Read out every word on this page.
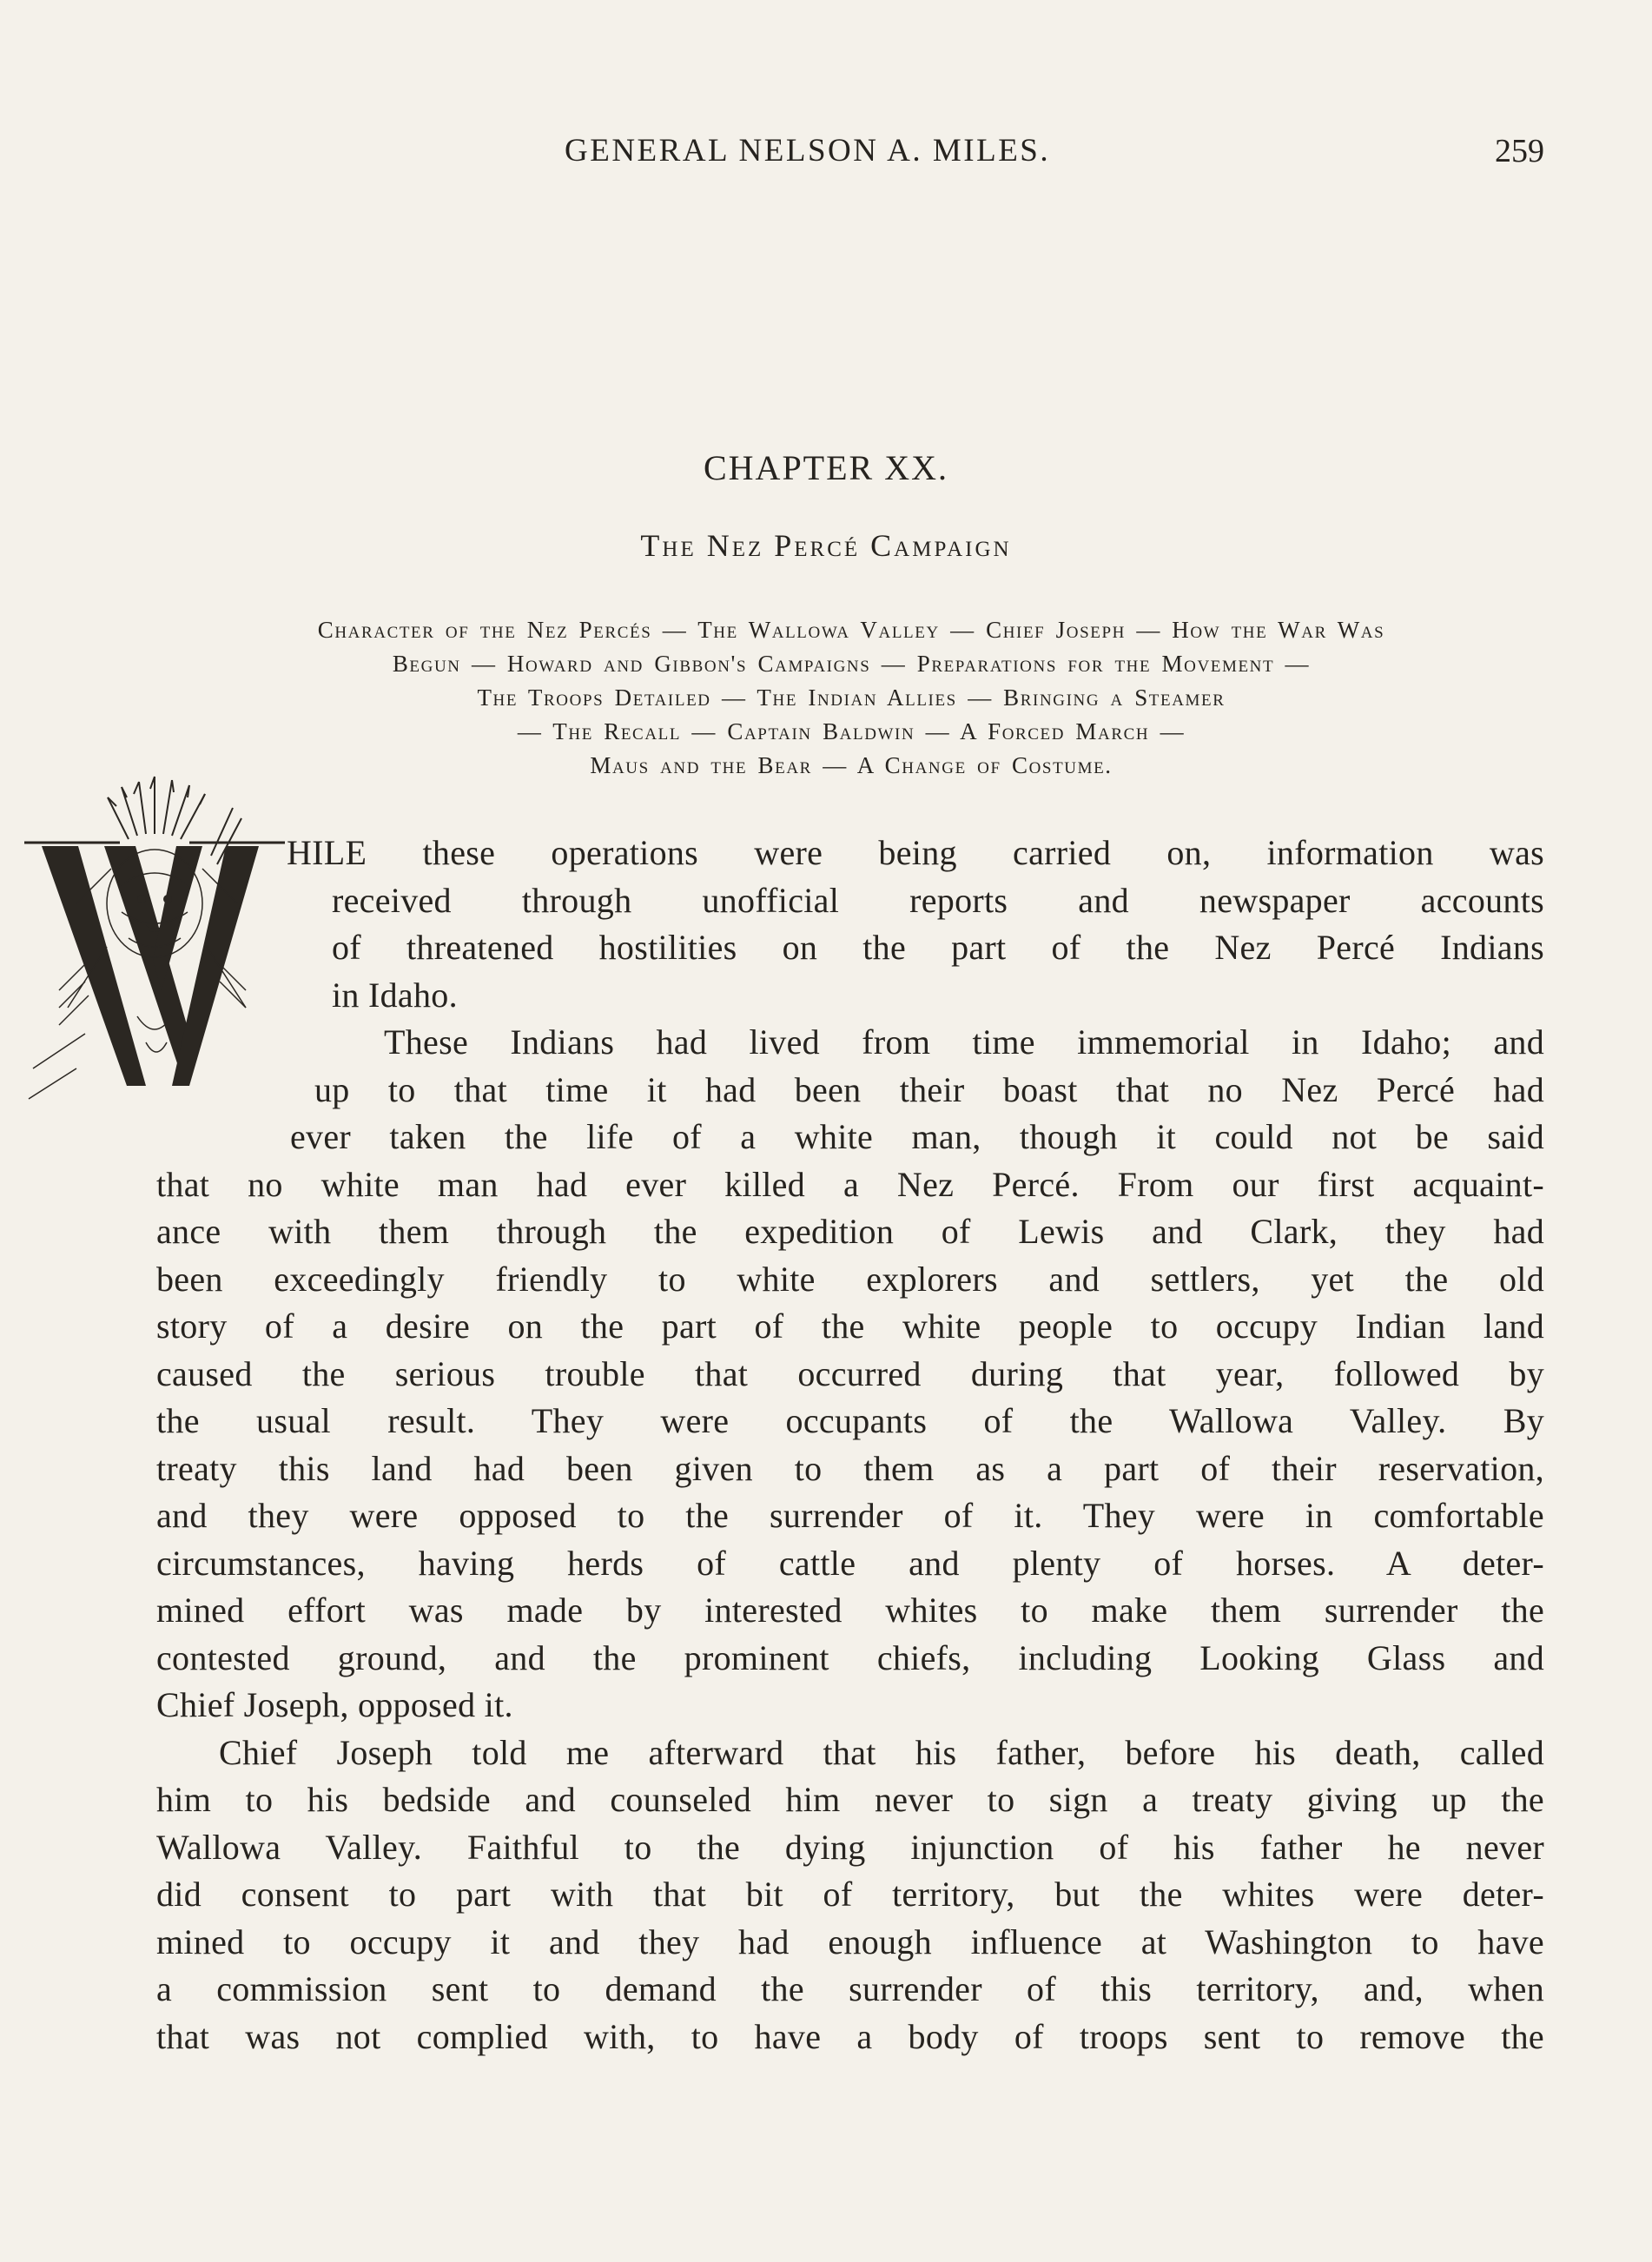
GENERAL NELSON A. MILES.	259
CHAPTER XX.
The Nez Percé Campaign
Character of the Nez Percés — The Wallowa Valley — Chief Joseph — How the War Was
Begun — Howard and Gibbon's Campaigns — Preparations for the Movement —
The Troops Detailed — The Indian Allies — Bringing a Steamer
— The Recall — Captain Baldwin — A Forced March —
Maus and the Bear — A Change of Costume.
HILE these operations were being carried on, information was
received through unofficial reports and newspaper accounts
of threatened hostilities on the part of the Nez Percé Indians
in Idaho.
These Indians had lived from time immemorial in Idaho; and
up to that time it had been their boast that no Nez Percé had
ever taken the life of a white man, though it could not be said
that no white man had ever killed a Nez Percé. From our first acquaint-
ance with them through the expedition of Lewis and Clark, they had
been exceedingly friendly to white explorers and settlers, yet the old
story of a desire on the part of the white people to occupy Indian land
caused the serious trouble that occurred during that year, followed by
the usual result. They were occupants of the Wallowa Valley. By
treaty this land had been given to them as a part of their reservation,
and they were opposed to the surrender of it. They were in comfortable
circumstances, having herds of cattle and plenty of horses. A deter-
mined effort was made by interested whites to make them surrender the
contested ground, and the prominent chiefs, including Looking Glass and
Chief Joseph, opposed it.
Chief Joseph told me afterward that his father, before his death, called
him to his bedside and counseled him never to sign a treaty giving up the
Wallowa Valley. Faithful to the dying injunction of his father he never
did consent to part with that bit of territory, but the whites were deter-
mined to occupy it and they had enough influence at Washington to have
a commission sent to demand the surrender of this territory, and, when
that was not complied with, to have a body of troops sent to remove the
